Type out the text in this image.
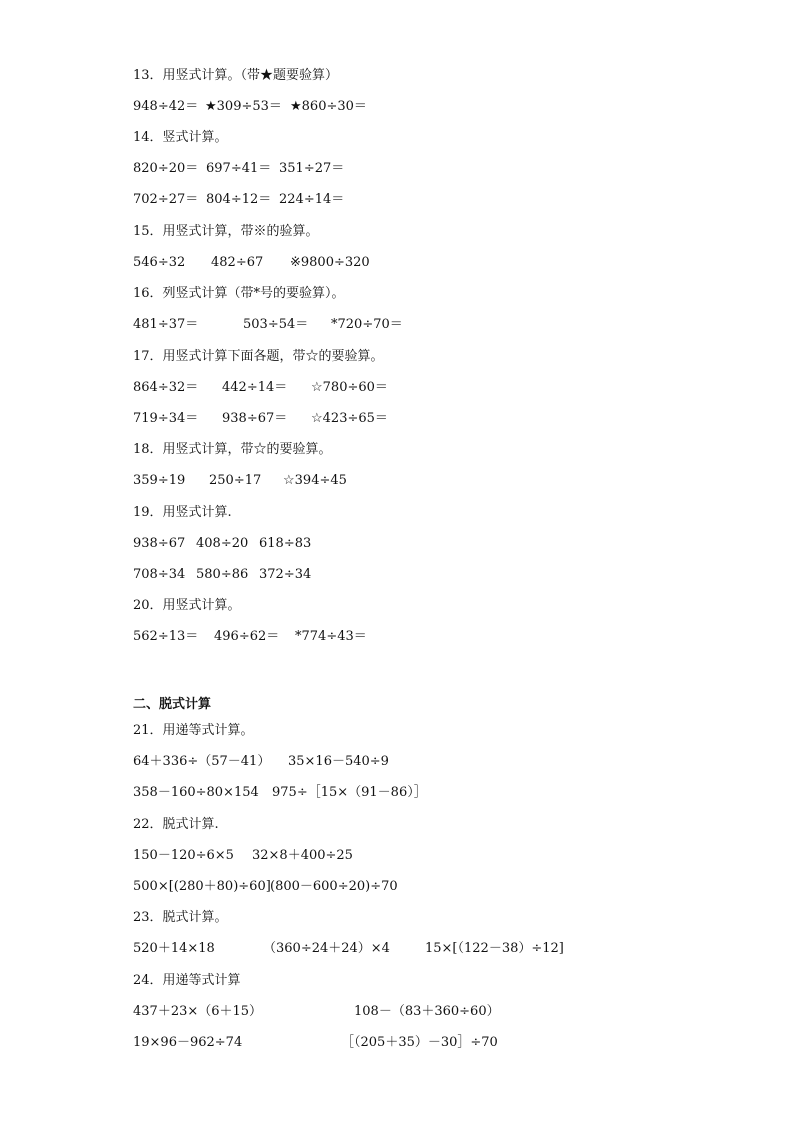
13．用竖式计算。（带★题要验算）
948÷42＝ ★309÷53＝ ★860÷30＝
14．竖式计算。
820÷20＝ 697÷41＝ 351÷27＝
702÷27＝ 804÷12＝ 224÷14＝
15．用竖式计算，带※的验算。
546÷32 482÷67 ※9800÷320
16．列竖式计算（带*号的要验算）。
481÷37＝	503÷54＝ *720÷70＝
17．用竖式计算下面各题，带☆的要验算。
864÷32＝ 442÷14＝ ☆780÷60＝
719÷34＝ 938÷67＝ ☆423÷65＝
18．用竖式计算，带☆的要验算。
359÷19 250÷17 ☆394÷45
19．用竖式计算.
938÷67 408÷20 618÷83
708÷34 580÷86 372÷34
20．用竖式计算。
562÷13＝ 496÷62＝ *774÷43＝
二、脱式计算
21．用递等式计算。
64＋336÷（57－41） 35×16－540÷9
358－160÷80×154 975÷［15×（91－86）］
22．脱式计算.
150－120÷6×5 32×8＋400÷25
500×[(280＋80)÷60] (800－600÷20)÷70
23．脱式计算。
520＋14×18	（360÷24＋24）×4	15×[（122－38）÷12]
24．用递等式计算
437＋23×（6＋15）	108－（83＋360÷60）
19×96－962÷74	［（205＋35）－30］÷70
